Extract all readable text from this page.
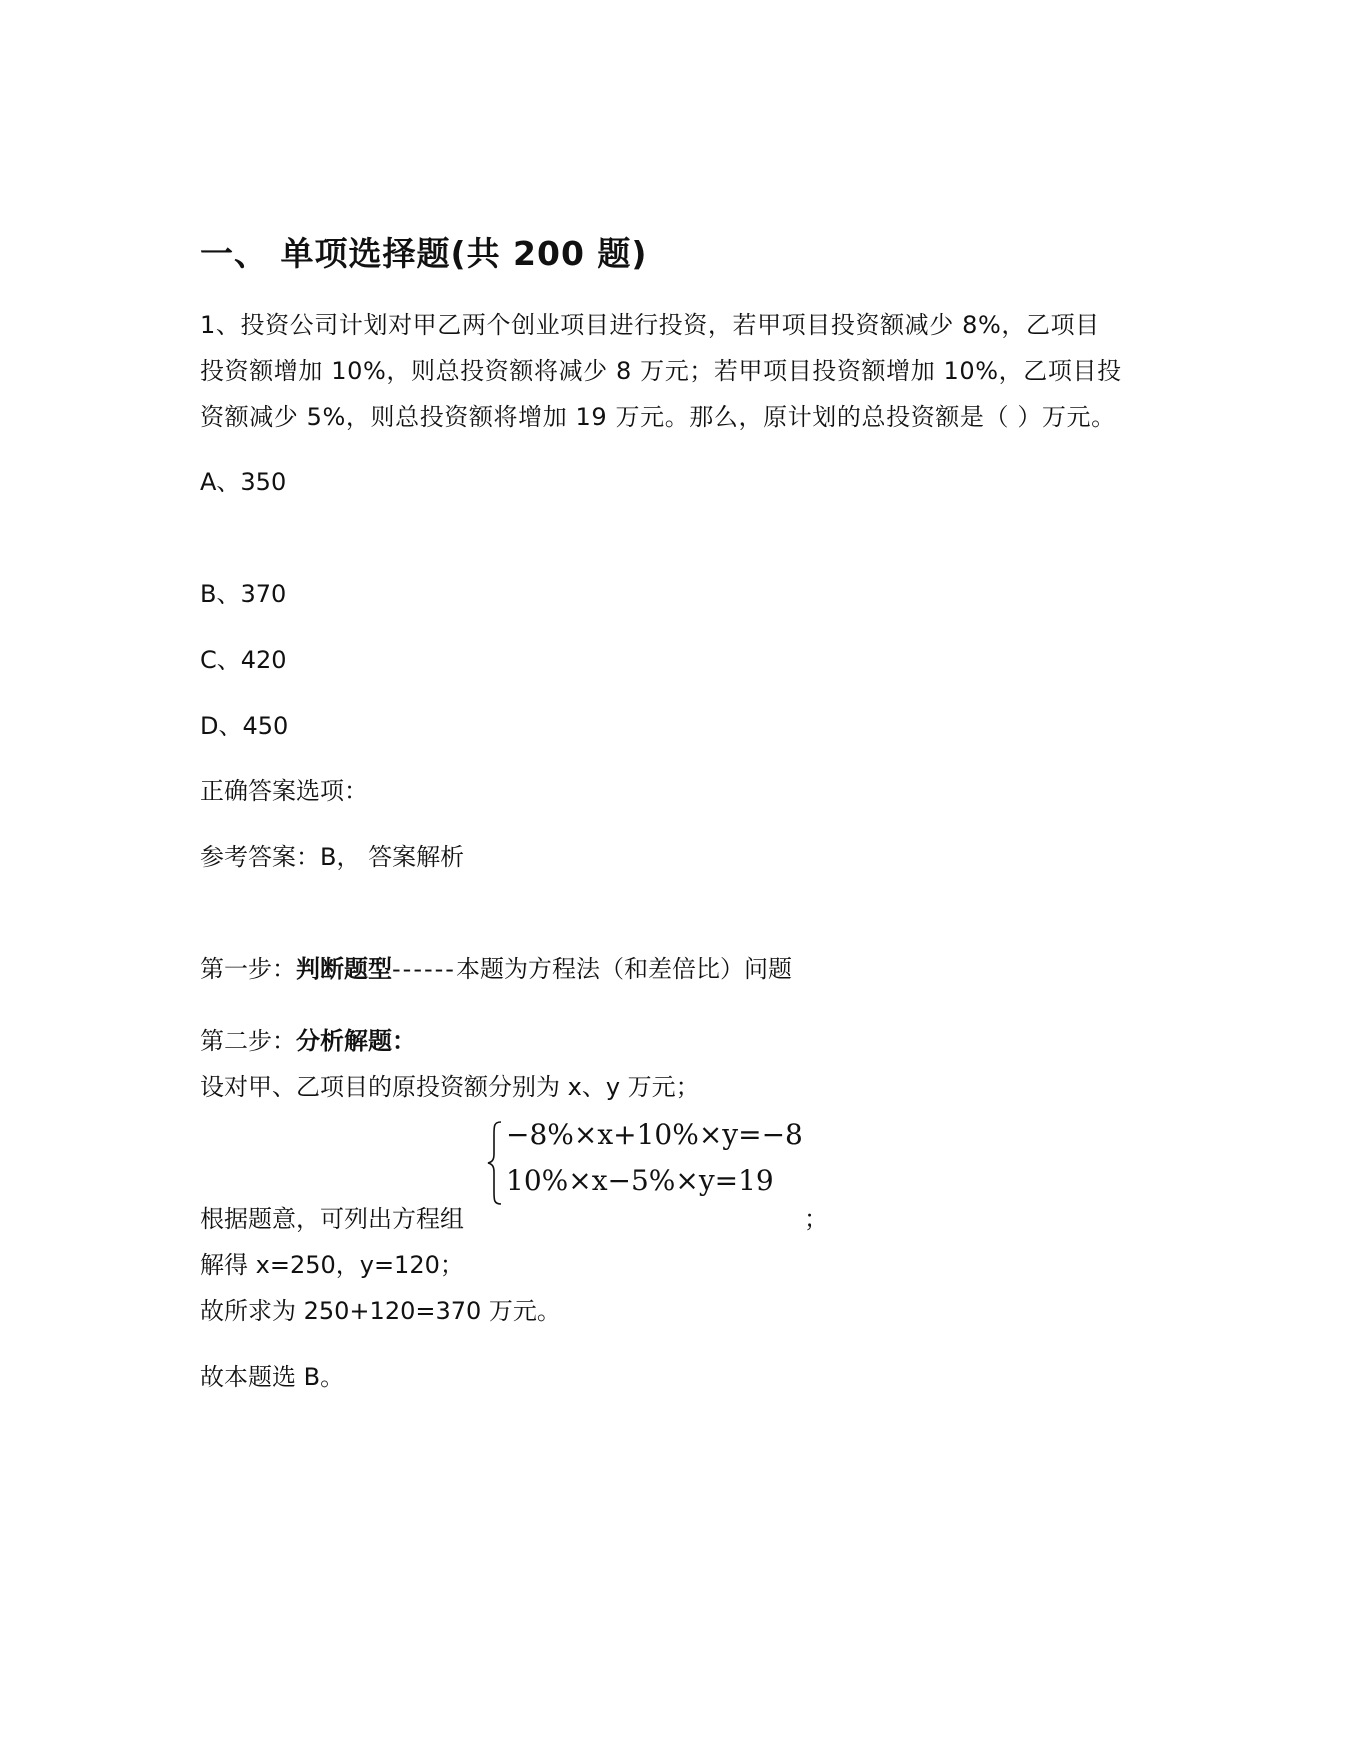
一、 单项选择题(共 200 题)
1、投资公司计划对甲乙两个创业项目进行投资，若甲项目投资额减少 8%，乙项目
投资额增加 10%，则总投资额将减少 8 万元；若甲项目投资额增加 10%，乙项目投
资额减少 5%，则总投资额将增加 19 万元。那么，原计划的总投资额是（ ）万元。
A、350
B、370
C、420
D、450
正确答案选项：
参考答案：B， 答案解析
第一步：判断题型------本题为方程法（和差倍比）问题
第二步：分析解题：
设对甲、乙项目的原投资额分别为 x、y 万元；
−8%×x+10%×y=−8
10%×x−5%×y=19
根据题意，可列出方程组	；
解得 x=250，y=120；
故所求为 250+120=370 万元。
故本题选 B。
